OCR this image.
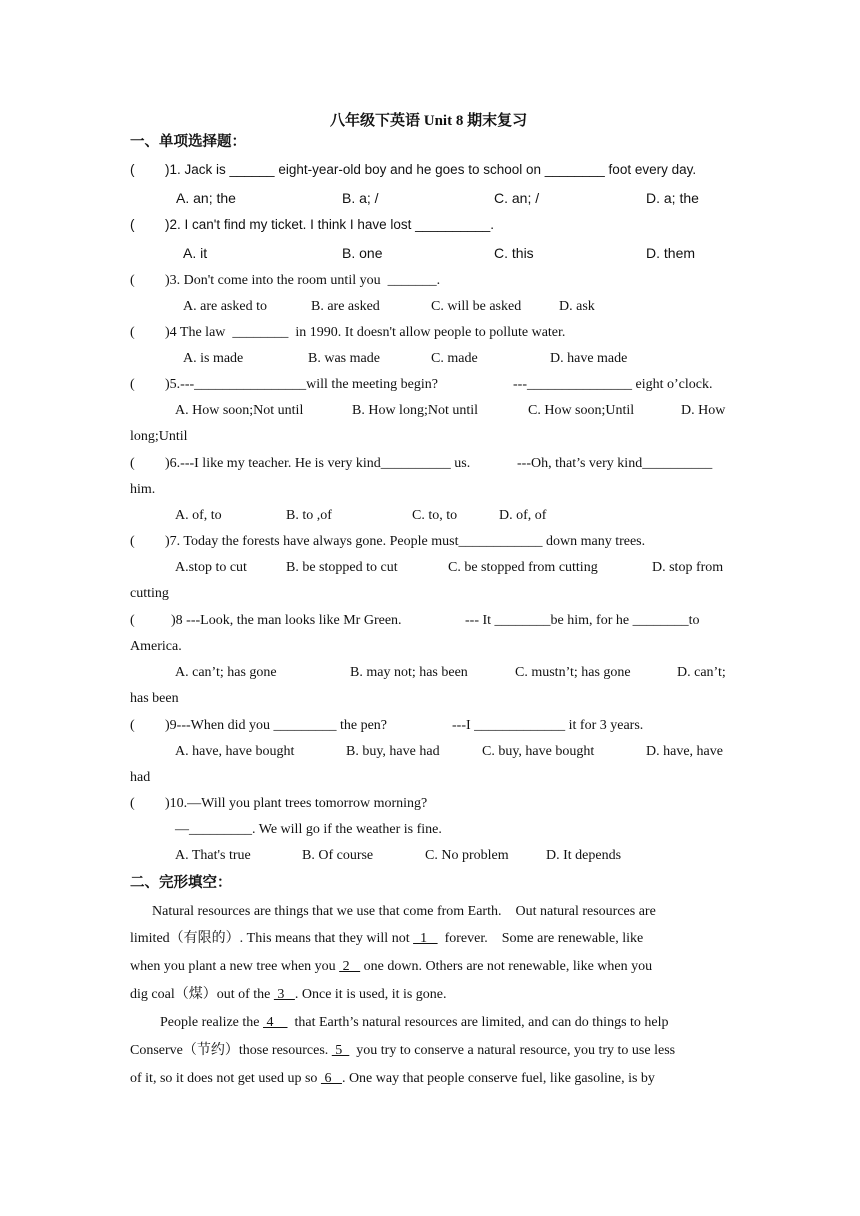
八年级下英语 Unit 8 期末复习
一、单项选择题：
( )1. Jack is ______ eight-year-old boy and he goes to school on ________ foot every day.
A. an; the	B. a; /	C. an; /	D. a; the
( )2. I can't find my ticket. I think I have lost __________.
A. it	B. one	C. this	D. them
( )3. Don't come into the room until you  _______.
A. are asked to	B. are asked	C. will be asked	D. ask
( )4 The law  ________  in 1990. It doesn't allow people to pollute water.
A. is made	B. was made	C. made	D. have made
( )5.---________________will the meeting begin?	---_______________ eight o’clock.
A. How soon;Not until	B. How long;Not until	C. How soon;Until	D. How
long;Until
( )6.---I like my teacher. He is very kind__________ us.	---Oh, that’s very kind__________
him.
A. of, to	B. to ,of	C. to, to	D. of, of
( )7. Today the forests have always gone. People must____________ down many trees.
A.stop to cut	B. be stopped to cut	C. be stopped from cutting	D. stop from
cutting
(	)8 ---Look, the man looks like Mr Green.	--- It ________be him, for he ________to
America.
A. can’t; has gone	B. may not; has been	C. mustn’t; has gone	D. can’t;
has been
( )9---When did you _________ the pen?	---I _____________ it for 3 years.
A. have, have bought	B. buy, have had	C. buy, have bought	D. have, have
had
( )10.—Will you plant trees tomorrow morning?
—_________. We will go if the weather is fine.
A. That's true	B. Of course	C. No problem	D. It depends
二、完形填空：
Natural resources are things that we use that come from Earth.    Out natural resources are
limited（有限的）. This means that they will not   1     forever.    Some are renewable, like
when you plant a new tree when you  2    one down. Others are not renewable, like when you
dig coal（煤）out of the  3   . Once it is used, it is gone.
People realize the  4      that Earth’s natural resources are limited, and can do things to help
Conserve（节约）those resources.  5    you try to conserve a natural resource, you try to use less
of it, so it does not get used up so  6   . One way that people conserve fuel, like gasoline, is by
